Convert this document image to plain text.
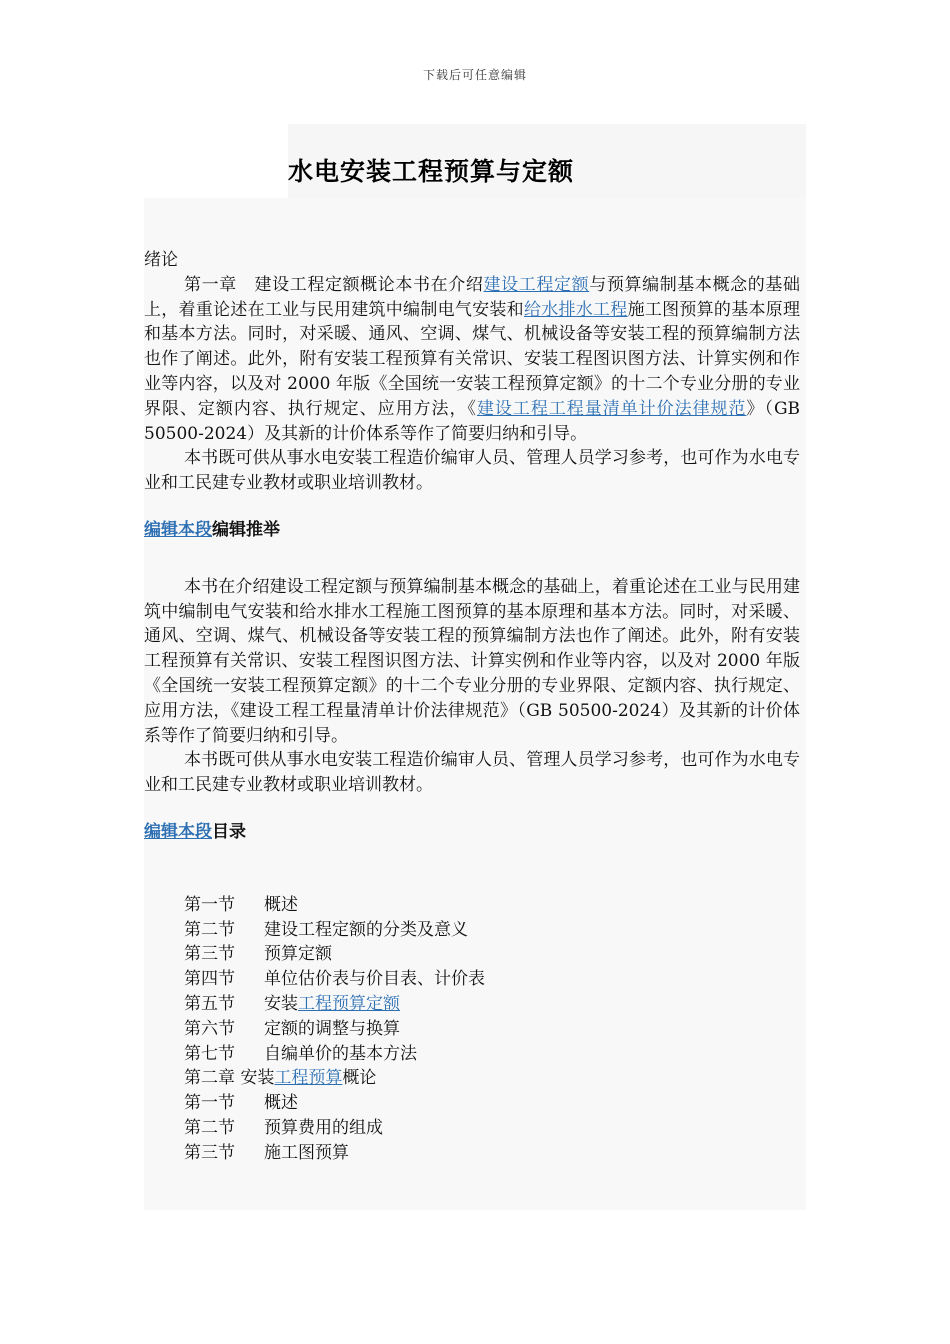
下载后可任意编辑
水电安装工程预算与定额

绪论

第一章　建设工程定额概论本书在介绍建设工程定额与预算编制基本概念的基础上，着重论述在工业与民用建筑中编制电气安装和给水排水工程施工图预算的基本原理和基本方法。同时，对采暖、通风、空调、煤气、机械设备等安装工程的预算编制方法也作了阐述。此外，附有安装工程预算有关常识、安装工程图识图方法、计算实例和作业等内容，以及对 2000 年版《全国统一安装工程预算定额》的十二个专业分册的专业界限、定额内容、执行规定、应用方法，《建设工程工程量清单计价法律规范》（GB 50500-2024）及其新的计价体系等作了简要归纳和引导。

本书既可供从事水电安装工程造价编审人员、管理人员学习参考，也可作为水电专业和工民建专业教材或职业培训教材。

编辑本段编辑推举

本书在介绍建设工程定额与预算编制基本概念的基础上，着重论述在工业与民用建筑中编制电气安装和给水排水工程施工图预算的基本原理和基本方法。同时，对采暖、通风、空调、煤气、机械设备等安装工程的预算编制方法也作了阐述。此外，附有安装工程预算有关常识、安装工程图识图方法、计算实例和作业等内容，以及对 2000 年版《全国统一安装工程预算定额》的十二个专业分册的专业界限、定额内容、执行规定、应用方法，《建设工程工程量清单计价法律规范》（GB 50500-2024）及其新的计价体系等作了简要归纳和引导。

本书既可供从事水电安装工程造价编审人员、管理人员学习参考，也可作为水电专业和工民建专业教材或职业培训教材。

编辑本段目录

第一节 概述
第二节 建设工程定额的分类及意义
第三节 预算定额
第四节 单位估价表与价目表、计价表
第五节 安装工程预算定额
第六节 定额的调整与换算
第七节 自编单价的基本方法
第二章 安装工程预算概论
第一节 概述
第二节 预算费用的组成
第三节 施工图预算
